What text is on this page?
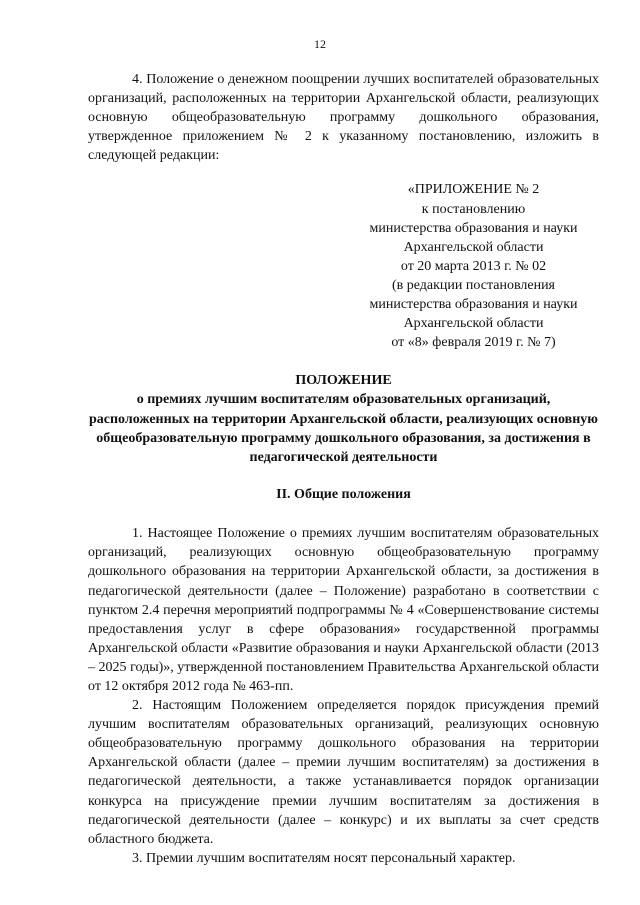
12

4. Положение о денежном поощрении лучших воспитателей образовательных организаций, расположенных на территории Архангельской области, реализующих основную общеобразовательную программу дошкольного образования, утвержденное приложением № 2 к указанному постановлению, изложить в следующей редакции:

«ПРИЛОЖЕНИЕ № 2
к постановлению
министерства образования и науки
Архангельской области
от 20 марта 2013 г. № 02
(в редакции постановления
министерства образования и науки
Архангельской области
от «8» февраля 2019 г. № 7)
ПОЛОЖЕНИЕ
о премиях лучшим воспитателям образовательных организаций, расположенных на территории Архангельской области, реализующих основную общеобразовательную программу дошкольного образования, за достижения в педагогической деятельности
II. Общие положения

1. Настоящее Положение о премиях лучшим воспитателям образовательных организаций, реализующих основную общеобразовательную программу дошкольного образования на территории Архангельской области, за достижения в педагогической деятельности (далее – Положение) разработано в соответствии с пунктом 2.4 перечня мероприятий подпрограммы № 4 «Совершенствование системы предоставления услуг в сфере образования» государственной программы Архангельской области «Развитие образования и науки Архангельской области (2013 – 2025 годы)», утвержденной постановлением Правительства Архангельской области от 12 октября 2012 года № 463-пп.

2. Настоящим Положением определяется порядок присуждения премий лучшим воспитателям образовательных организаций, реализующих основную общеобразовательную программу дошкольного образования на территории Архангельской области (далее – премии лучшим воспитателям) за достижения в педагогической деятельности, а также устанавливается порядок организации конкурса на присуждение премии лучшим воспитателям за достижения в педагогической деятельности (далее – конкурс) и их выплаты за счет средств областного бюджета.

3. Премии лучшим воспитателям носят персональный характер.
